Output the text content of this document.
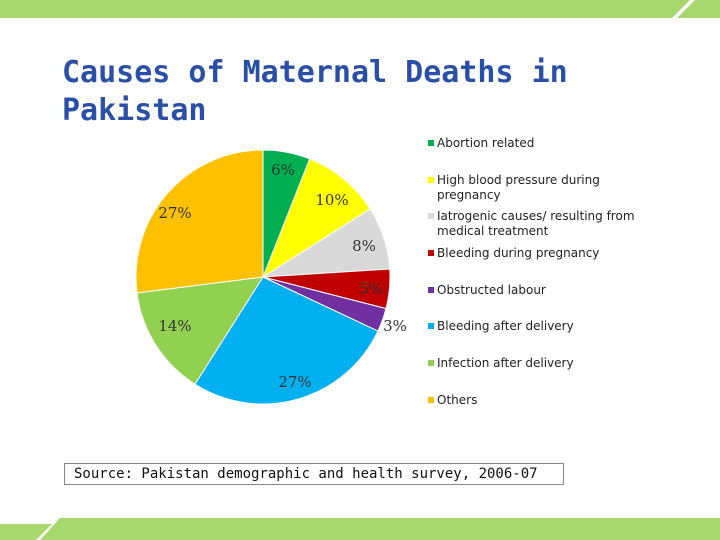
Causes of Maternal Deaths in Pakistan
6%
10%
8%
5%
3%
27%
14%
27%
Abortion related
High blood pressure during pregnancy
Iatrogenic causes/ resulting from medical treatment
Bleeding during pregnancy
Obstructed labour
Bleeding after delivery
Infection after delivery
Others
Source: Pakistan demographic and health survey, 2006-07
